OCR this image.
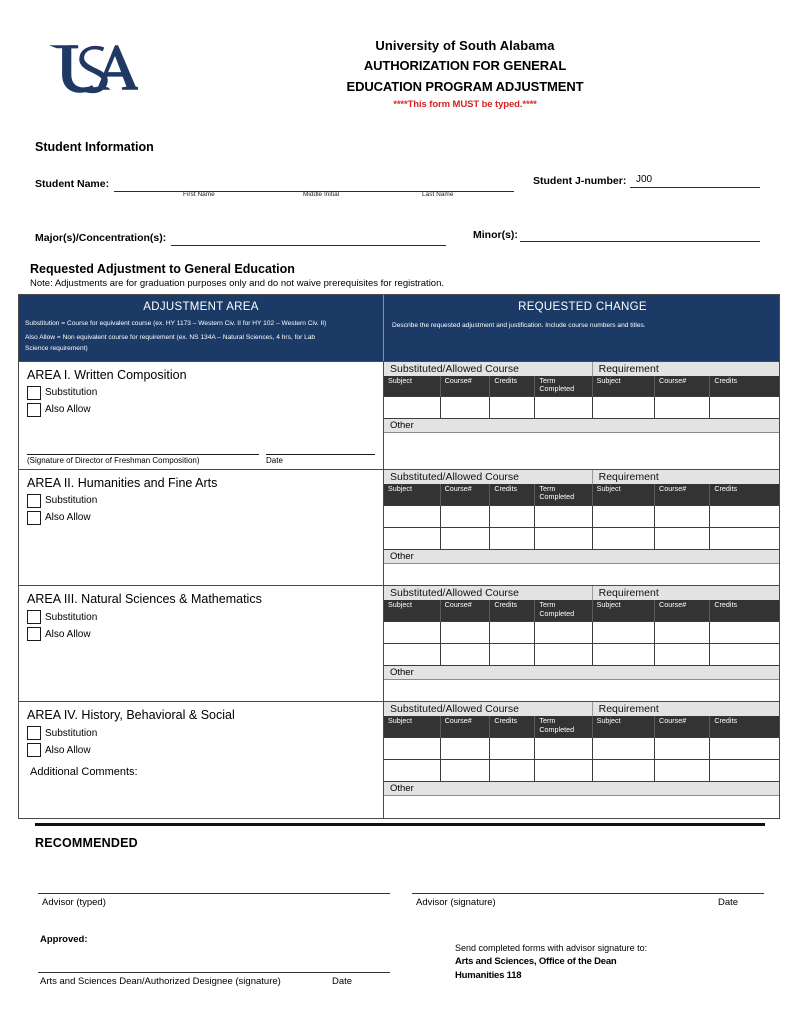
University of South Alabama
AUTHORIZATION FOR GENERAL
EDUCATION PROGRAM ADJUSTMENT
****This form MUST be typed.****
Student Information
Student Name:
First Name	Middle Initial	Last Name
Student J-number: J00
Major(s)/Concentration(s):	Minor(s):
Requested Adjustment to General Education
Note: Adjustments are for graduation purposes only and do not waive prerequisites for registration.
ADJUSTMENT AREA
Substitution = Course for equivalent course (ex. HY 1173 – Western Civ. II for HY 102 – Western Civ. II)
Also Allow = Non equivalent course for requirement (ex. NS 134A – Natural Sciences, 4 hrs, for Lab
Science requirement)
REQUESTED CHANGE
Describe the requested adjustment and justification. Include course numbers and titles.
AREA I. Written Composition
Substitution
Also Allow
(Signature of Director of Freshman Composition)	Date
Substituted/Allowed Course				Requirement		
Subject	Course#	Credits	Term Completed	Subject	Course#	Credits

Other						

AREA II. Humanities and Fine Arts
Substitution
Also Allow
Substituted/Allowed Course				Requirement		
Subject	Course#	Credits	Term Completed	Subject	Course#	Credits

Other						

AREA III. Natural Sciences & Mathematics
Substitution
Also Allow
Substituted/Allowed Course				Requirement		
Subject	Course#	Credits	Term Completed	Subject	Course#	Credits

Other						

AREA IV. History, Behavioral & Social
Substitution
Also Allow
Substituted/Allowed Course				Requirement		
Subject	Course#	Credits	Term Completed	Subject	Course#	Credits

Other						

Additional Comments:
RECOMMENDED
Advisor (typed)	Advisor (signature)	Date
Approved:
Arts and Sciences Dean/Authorized Designee (signature)	Date
Send completed forms with advisor signature to:
Arts and Sciences, Office of the Dean
Humanities 118
